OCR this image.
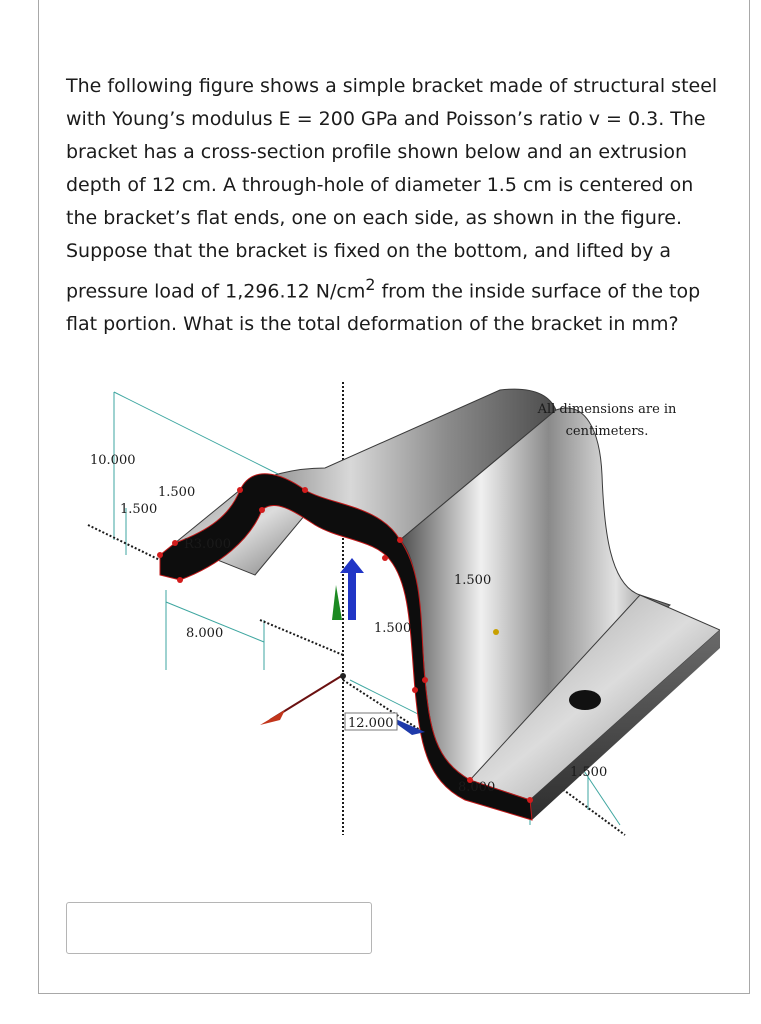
The following figure shows a simple bracket made of structural steel with Young’s modulus E = 200 GPa and Poisson’s ratio v = 0.3. The bracket has a cross-section profile shown below and an extrusion depth of 12 cm. A through-hole of diameter 1.5 cm is centered on the bracket’s flat ends, one on each side, as shown in the figure. Suppose that the bracket is fixed on the bottom, and lifted by a pressure load of 1,296.12 $N/cm^2$ from the inside surface of the top flat portion. What is the total deformation of the bracket in mm?

10.000
1.500
1.500
R3.000
8.000
1.500
1.500
12.000
8.000
1.500
All dimensions are in
centimeters.
